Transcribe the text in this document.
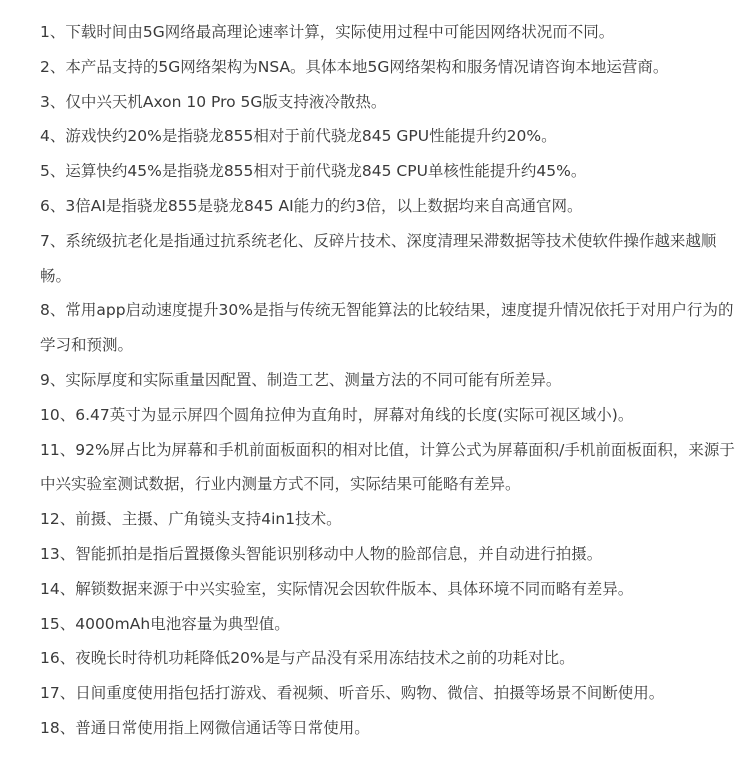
1、下载时间由5G网络最高理论速率计算，实际使用过程中可能因网络状况而不同。
2、本产品支持的5G网络架构为NSA。具体本地5G网络架构和服务情况请咨询本地运营商。
3、仅中兴天机Axon 10 Pro 5G版支持液冷散热。
4、游戏快约20%是指骁龙855相对于前代骁龙845 GPU性能提升约20%。
5、运算快约45%是指骁龙855相对于前代骁龙845 CPU单核性能提升约45%。
6、3倍AI是指骁龙855是骁龙845 AI能力的约3倍，以上数据均来自高通官网。
7、系统级抗老化是指通过抗系统老化、反碎片技术、深度清理呆滞数据等技术使软件操作越来越顺畅。
8、常用app启动速度提升30%是指与传统无智能算法的比较结果，速度提升情况依托于对用户行为的学习和预测。
9、实际厚度和实际重量因配置、制造工艺、测量方法的不同可能有所差异。
10、6.47英寸为显示屏四个圆角拉伸为直角时，屏幕对角线的长度(实际可视区域小)。
11、92%屏占比为屏幕和手机前面板面积的相对比值，计算公式为屏幕面积/手机前面板面积，来源于中兴实验室测试数据，行业内测量方式不同，实际结果可能略有差异。
12、前摄、主摄、广角镜头支持4in1技术。
13、智能抓拍是指后置摄像头智能识别移动中人物的脸部信息，并自动进行拍摄。
14、解锁数据来源于中兴实验室，实际情况会因软件版本、具体环境不同而略有差异。
15、4000mAh电池容量为典型值。
16、夜晚长时待机功耗降低20%是与产品没有采用冻结技术之前的功耗对比。
17、日间重度使用指包括打游戏、看视频、听音乐、购物、微信、拍摄等场景不间断使用。
18、普通日常使用指上网微信通话等日常使用。
